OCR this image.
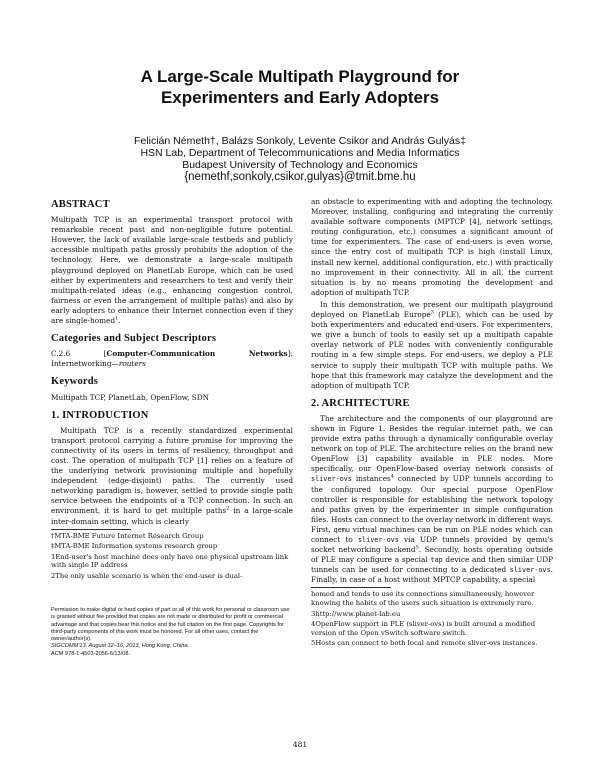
A Large-Scale Multipath Playground for
Experimenters and Early Adopters
Felicián Németh†, Balázs Sonkoly, Levente Csikor and András Gulyás‡
HSN Lab, Department of Telecommunications and Media Informatics
Budapest University of Technology and Economics
{nemethf,sonkoly,csikor,gulyas}@tmit.bme.hu
ABSTRACT

Multipath TCP is an experimental transport protocol with remarkable recent past and non-negligible future potential. However, the lack of available large-scale testbeds and publicly accessible multipath paths grossly prohibits the adoption of the technology. Here, we demonstrate a large-scale multipath playground deployed on PlanetLab Europe, which can be used either by experimenters and researchers to test and verify their multipath-related ideas (e.g., enhancing congestion control, fairness or even the arrangement of multiple paths) and also by early adopters to enhance their Internet connection even if they are single-homed$^1$.

Categories and Subject Descriptors

C.2.6 [Computer-Communication Networks]: Internetworking—routers

Keywords

Multipath TCP, PlanetLab, OpenFlow, SDN

1. INTRODUCTION

Multipath TCP is a recently standardized experimental transport protocol carrying a future promise for improving the connectivity of its users in terms of resiliency, throughput and cost. The operation of multipath TCP [1] relies on a feature of the underlying network provisioning multiple and hopefully independent (edge-disjoint) paths. The currently used networking paradigm is, however, settled to provide single path service between the endpoints of a TCP connection. In such an environment, it is hard to get multiple paths$^2$ in a large-scale inter-domain setting, which is clearly

†MTA-BME Future Internet Research Group

‡MTA-BME Information systems research group

1End-user's host machine does only have one physical upstream link with single IP address

2The only usable scenario is when the end-user is dual-

Permission to make digital or hard copies of part or all of this work for personal or classroom use is granted without fee provided that copies are not made or distributed for profit or commercial advantage and that copies bear this notice and the full citation on the first page. Copyrights for third-party components of this work must be honored. For all other uses, contact the owner/author(s).
SIGCOMM'13, August 12–16, 2013, Hong Kong, China.
ACM 978-1-4503-2056-6/13/08.

an obstacle to experimenting with and adopting the technology. Moreover, installing, configuring and integrating the currently available software components (MPTCP [4], network settings, routing configuration, etc.) consumes a significant amount of time for experimenters. The case of end-users is even worse, since the entry cost of multipath TCP is high (install Linux, install new kernel, additional configuration, etc.) with practically no improvement in their connectivity. All in all, the current situation is by no means promoting the development and adoption of multipath TCP.

In this demonstration, we present our multipath playground deployed on PlanetLab Europe$^3$ (PLE), which can be used by both experimenters and educated end-users. For experimenters, we give a bunch of tools to easily set up a multipath capable overlay network of PLE nodes with conveniently configurable routing in a few simple steps. For end-users, we deploy a PLE service to supply their multipath TCP with multiple paths. We hope that this framework may catalyze the development and the adoption of multipath TCP.

2. ARCHITECTURE

The architecture and the components of our playground are shown in Figure 1. Besides the regular internet path, we can provide extra paths through a dynamically configurable overlay network on top of PLE. The architecture relies on the brand new OpenFlow [3] capability available in PLE nodes. More specifically, our OpenFlow-based overlay network consists of sliver-ovs instances$^4$ connected by UDP tunnels according to the configured topology. Our special purpose OpenFlow controller is responsible for establishing the network topology and paths given by the experimenter in simple configuration files. Hosts can connect to the overlay network in different ways. First, qemu virtual machines can be run on PLE nodes which can connect to sliver-ovs via UDP tunnels provided by qemu's socket networking backend$^5$. Secondly, hosts operating outside of PLE may configure a special tap device and then similar UDP tunnels can be used for connecting to a dedicated sliver-ovs. Finally, in case of a host without MPTCP capability, a special

homed and tends to use its connections simultaneously, however knowing the habits of the users such situation is extremely rare.

3http://www.planet-lab.eu

4OpenFlow support in PLE (sliver-ovs) is built around a modified version of the Open vSwitch software switch.

5Hosts can connect to both local and remote sliver-ovs instances.

481
